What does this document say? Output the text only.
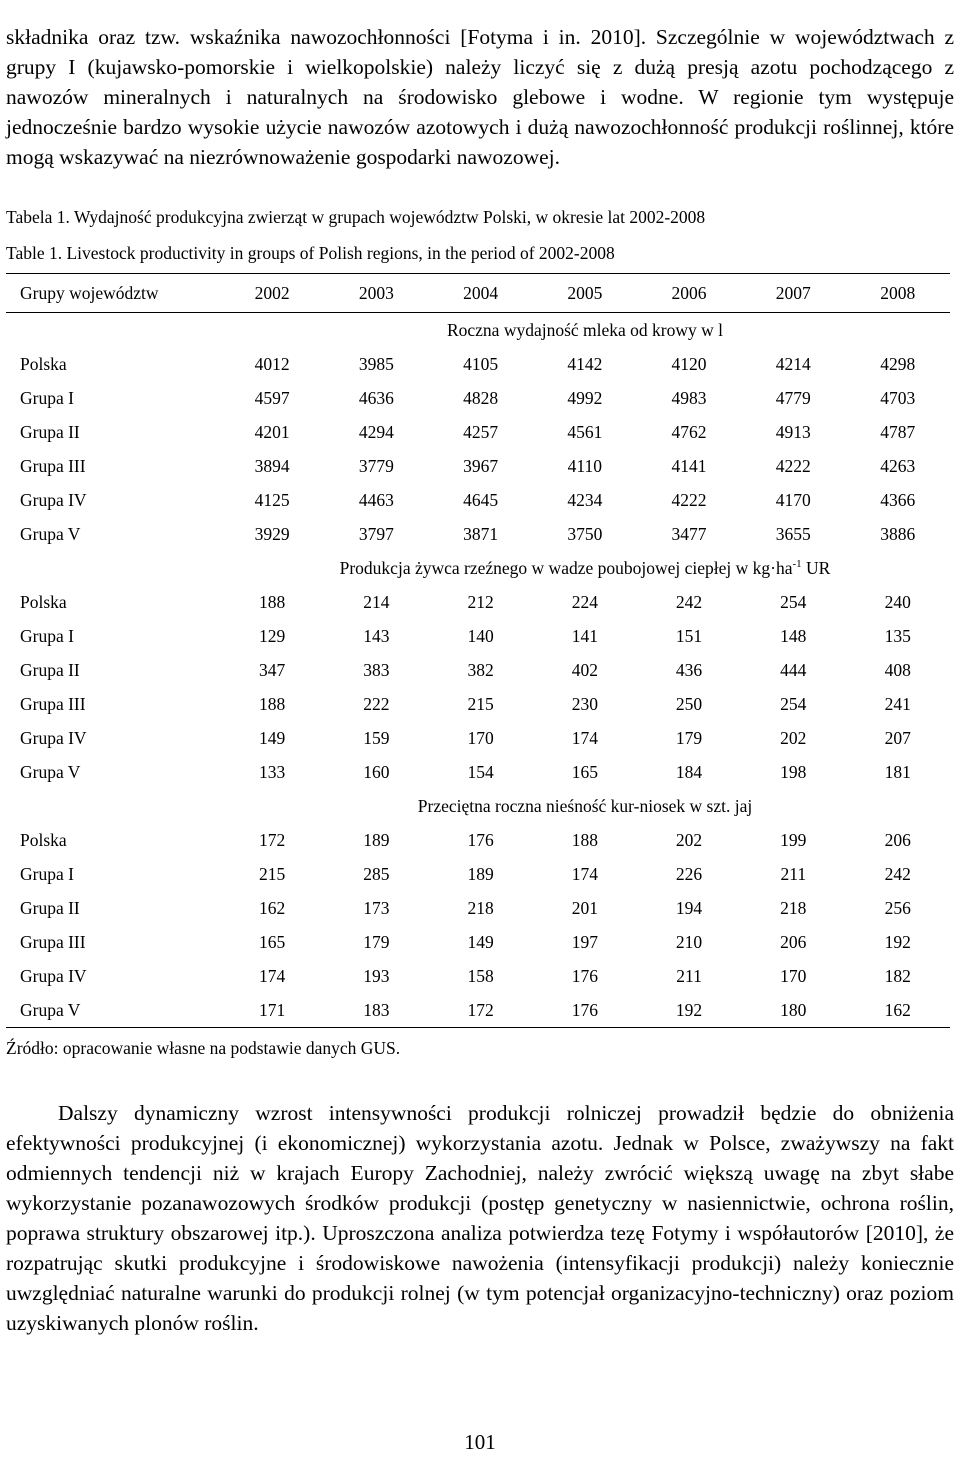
składnika oraz tzw. wskaźnika nawozochłonności [Fotyma i in. 2010]. Szczególnie w województwach z grupy I (kujawsko-pomorskie i wielkopolskie) należy liczyć się z dużą presją azotu pochodzącego z nawozów mineralnych i naturalnych na środowisko glebowe i wodne. W regionie tym występuje jednocześnie bardzo wysokie użycie nawozów azotowych i dużą nawozochłonność produkcji roślinnej, które mogą wskazywać na niezrównoważenie gospodarki nawozowej.

Tabela 1. Wydajność produkcyjna zwierząt w grupach województw Polski, w okresie lat 2002-2008
Table 1. Livestock productivity in groups of Polish regions, in the period of 2002-2008
Grupy województw	2002	2003	2004	2005	2006	2007	2008
	Roczna wydajność mleka od krowy w l						
Polska	4012	3985	4105	4142	4120	4214	4298
Grupa I	4597	4636	4828	4992	4983	4779	4703
Grupa II	4201	4294	4257	4561	4762	4913	4787
Grupa III	3894	3779	3967	4110	4141	4222	4263
Grupa IV	4125	4463	4645	4234	4222	4170	4366
Grupa V	3929	3797	3871	3750	3477	3655	3886
	Produkcja żywca rzeźnego w wadze poubojowej ciepłej w $kg\cdot ha^{-1}$ UR						
Polska	188	214	212	224	242	254	240
Grupa I	129	143	140	141	151	148	135
Grupa II	347	383	382	402	436	444	408
Grupa III	188	222	215	230	250	254	241
Grupa IV	149	159	170	174	179	202	207
Grupa V	133	160	154	165	184	198	181
	Przeciętna roczna nieśność kur-niosek w szt. jaj						
Polska	172	189	176	188	202	199	206
Grupa I	215	285	189	174	226	211	242
Grupa II	162	173	218	201	194	218	256
Grupa III	165	179	149	197	210	206	192
Grupa IV	174	193	158	176	211	170	182
Grupa V	171	183	172	176	192	180	162
Źródło: opracowanie własne na podstawie danych GUS.

Dalszy dynamiczny wzrost intensywności produkcji rolniczej prowadził będzie do obniżenia efektywności produkcyjnej (i ekonomicznej) wykorzystania azotu. Jednak w Polsce, zważywszy na fakt odmiennych tendencji niż w krajach Europy Zachodniej, należy zwrócić większą uwagę na zbyt słabe wykorzystanie pozanawozowych środków produkcji (postęp genetyczny w nasiennictwie, ochrona roślin, poprawa struktury obszarowej itp.). Uproszczona analiza potwierdza tezę Fotymy i współautorów [2010], że rozpatrując skutki produkcyjne i środowiskowe nawożenia (intensyfikacji produkcji) należy koniecznie uwzględniać naturalne warunki do produkcji rolnej (w tym potencjał organizacyjno-techniczny) oraz poziom uzyskiwanych plonów roślin.

101
